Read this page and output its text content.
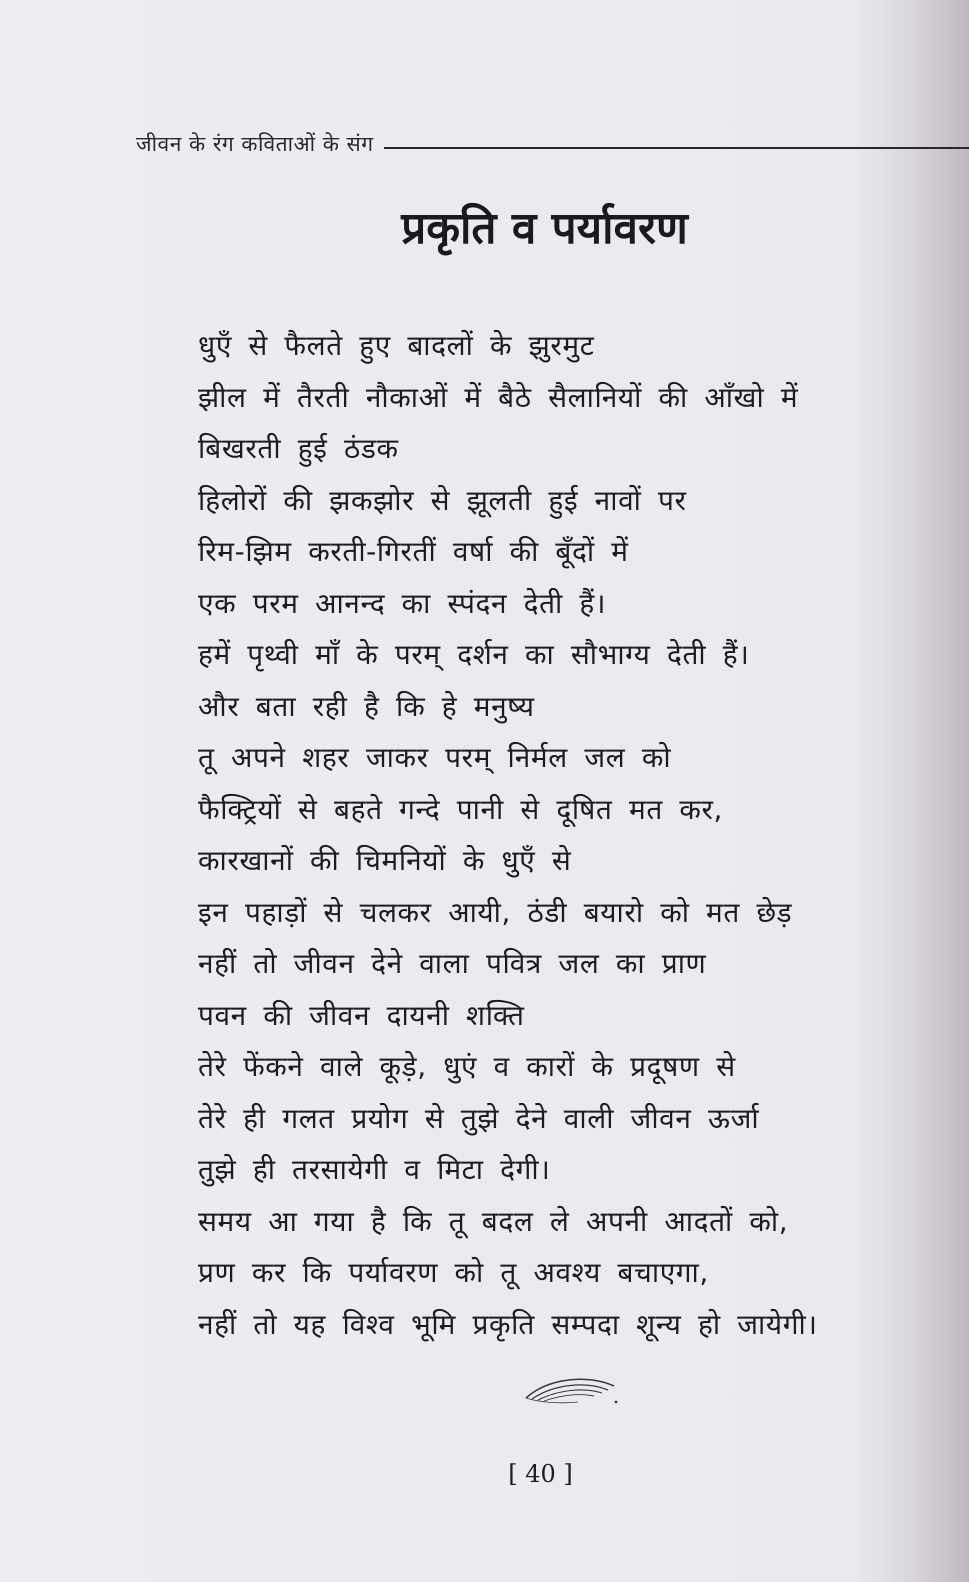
जीवन के रंग कविताओं के संग
प्रकृति व पर्यावरण
धुएँ से फैलते हुए बादलों के झुरमुट
झील में तैरती नौकाओं में बैठे सैलानियों की आँखो में
बिखरती हुई ठंडक
हिलोरों की झकझोर से झूलती हुई नावों पर
रिम-झिम करती-गिरतीं वर्षा की बूँदों में
एक परम आनन्द का स्पंदन देती हैं।
हमें पृथ्वी माँ के परम् दर्शन का सौभाग्य देती हैं।
और बता रही है कि हे मनुष्य
तू अपने शहर जाकर परम् निर्मल जल को
फैक्ट्रियों से बहते गन्दे पानी से दूषित मत कर,
कारखानों की चिमनियों के धुएँ से
इन पहाड़ों से चलकर आयी, ठंडी बयारो को मत छेड़
नहीं तो जीवन देने वाला पवित्र जल का प्राण
पवन की जीवन दायनी शक्ति
तेरे फेंकने वाले कूड़े, धुएं व कारों के प्रदूषण से
तेरे ही गलत प्रयोग से तुझे देने वाली जीवन ऊर्जा
तुझे ही तरसायेगी व मिटा देगी।
समय आ गया है कि तू बदल ले अपनी आदतों को,
प्रण कर कि पर्यावरण को तू अवश्य बचाएगा,
नहीं तो यह विश्व भूमि प्रकृति सम्पदा शून्य हो जायेगी।
[ 40 ]
